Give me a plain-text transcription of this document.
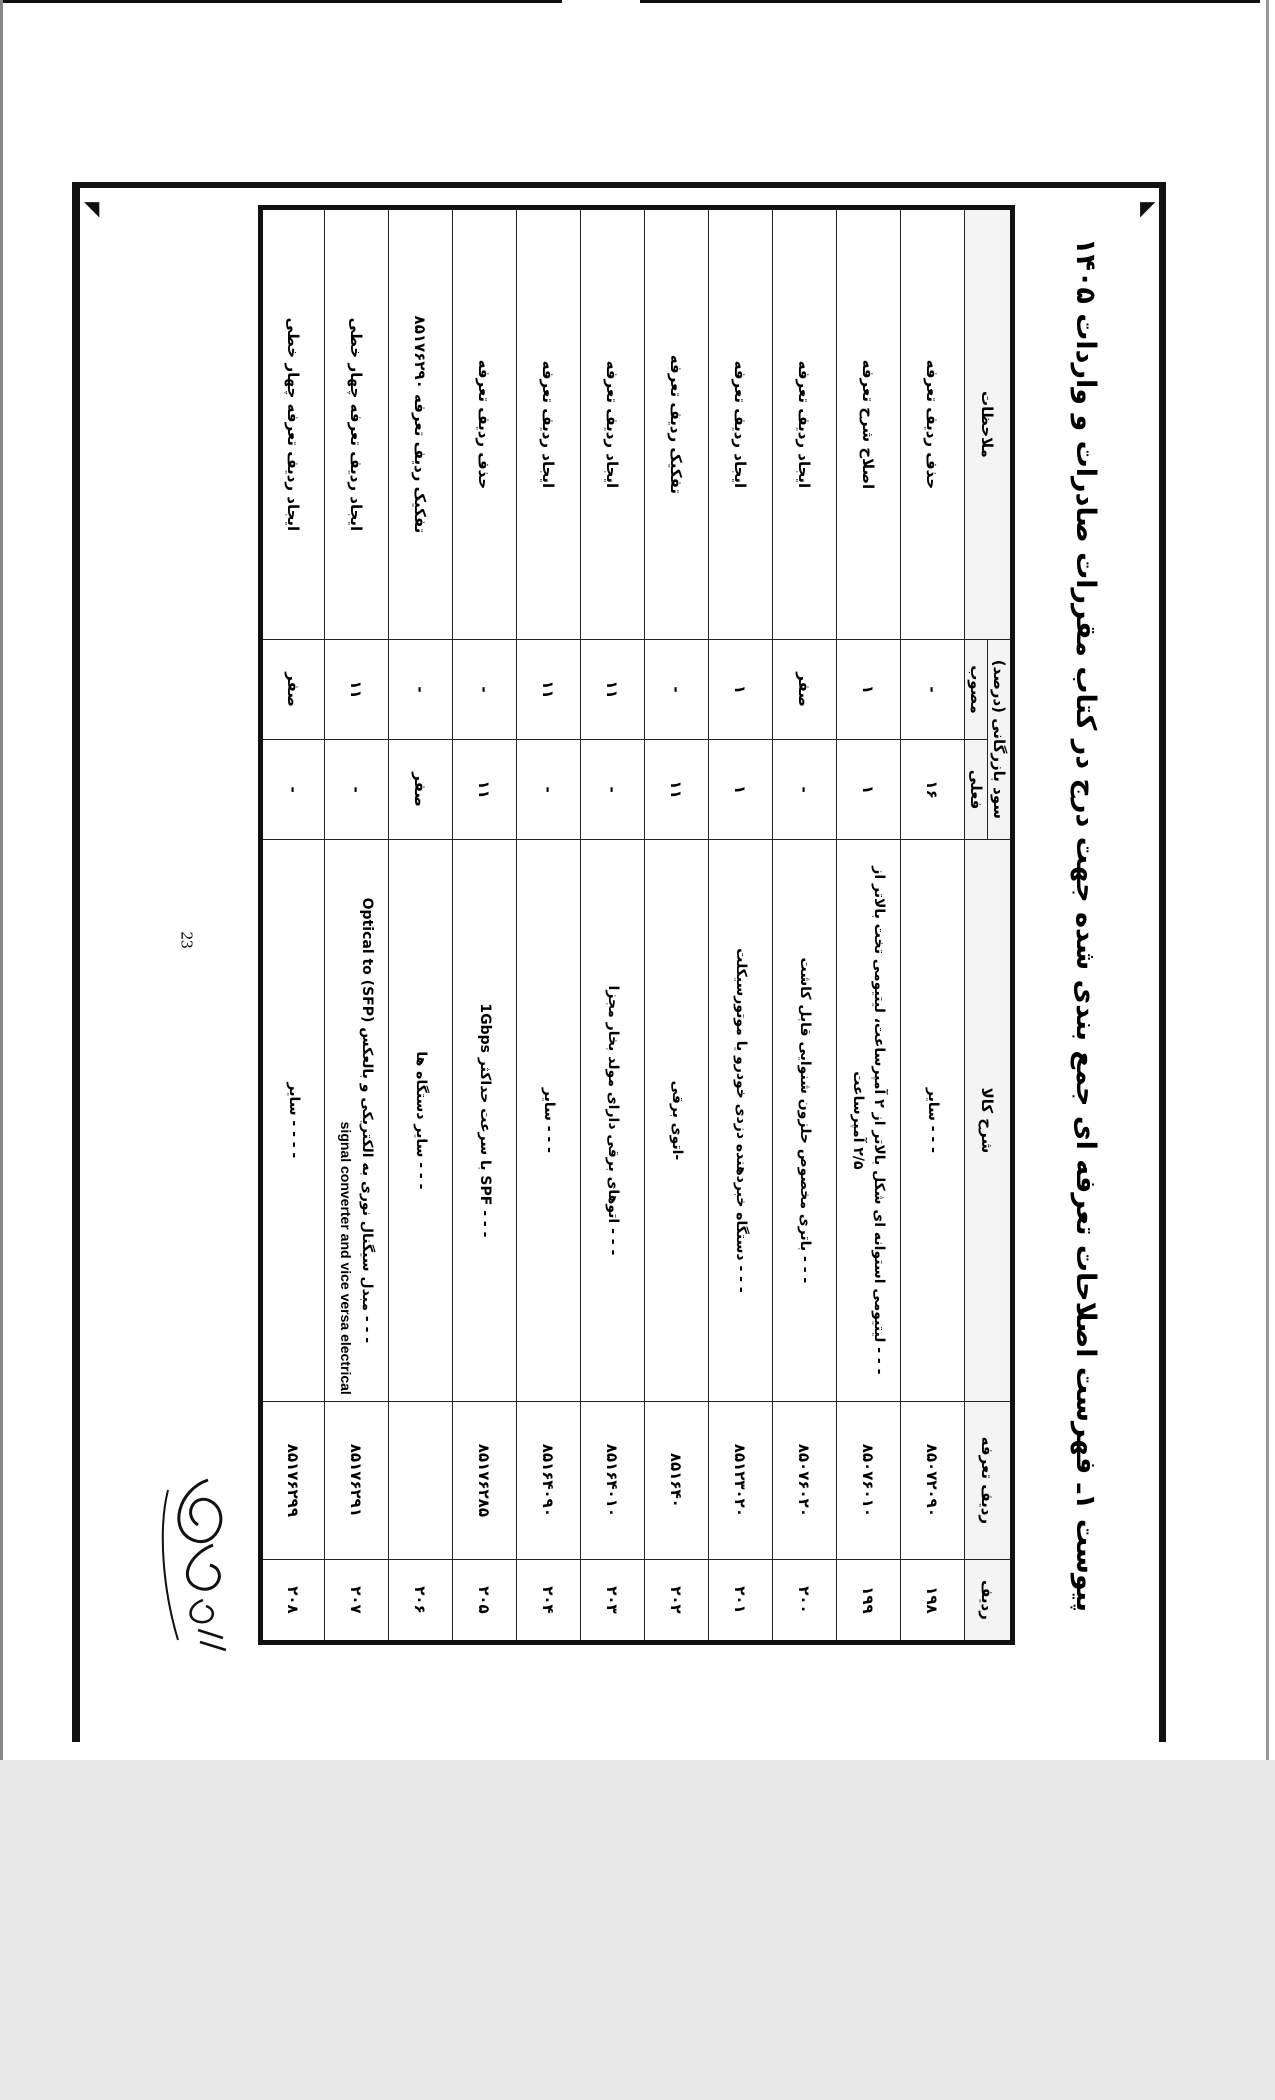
◥	◤
پیوست ۱ـ فهرست اصلاحات تعرفه ای جمع بندی شده جهت درج در کتاب مقررات صادرات و واردات ۱۴۰۵
ردیف	ردیف تعرفه	شرح کالا	سود بازرگانی (درصد)		ملاحظات
			فعلی	مصوب	
۱۹۸	۸۵۰۷۲۰۹۰	- - - سایر	۱۶	-	حذف ردیف تعرفه
۱۹۹	۸۵۰۷۶۰۱۰	- - - لیتیومی استوانه ای شکل بالاتر از ۲ آمپرساعت، لیتیومی تخت بالاتر از
۲/۵ آمپرساعت	۱	۱	اصلاح شرح تعرفه
۲۰۰	۸۵۰۷۶۰۲۰	- - - باتری مخصوص حلزون شنوایی قابل کاشت	-	صفر	ایجاد ردیف تعرفه
۲۰۱	۸۵۱۲۳۰۲۰	- - - دستگاه خبردهنده دزدی خودرو یا موتورسیکلت	۱	۱	ایجاد ردیف تعرفه
۲۰۲	۸۵۱۶۴۰	-اتوی برقی	۱۱	-	تفکیک ردیف تعرفه
۲۰۳	۸۵۱۶۴۰۱۰	- - - اتوهای برقی دارای مولد بخار مجزا	-	۱۱	ایجاد ردیف تعرفه
۲۰۴	۸۵۱۶۴۰۹۰	- - - سایر	-	۱۱	ایجاد ردیف تعرفه
۲۰۵	۸۵۱۷۶۲۸۵	- - - SPF با سرعت حداکثر 1Gbps	۱۱	-	حذف ردیف تعرفه
۲۰۶		- - - سایر دستگاه ها	صفر	-	تفکیک ردیف تعرفه ۸۵۱۷۶۲۹۰
۲۰۷	۸۵۱۷۶۲۹۱	- - - مبدل سیگنال نوری به الکتریکی و بالعکس (SFP) Optical to
signal converter and vice versa electrical	-	۱۱	ایجاد ردیف تعرفه چهار خطی
۲۰۸	۸۵۱۷۶۲۹۹	- - - - سایر	-	صفر	ایجاد ردیف تعرفه چهار خطی
23
